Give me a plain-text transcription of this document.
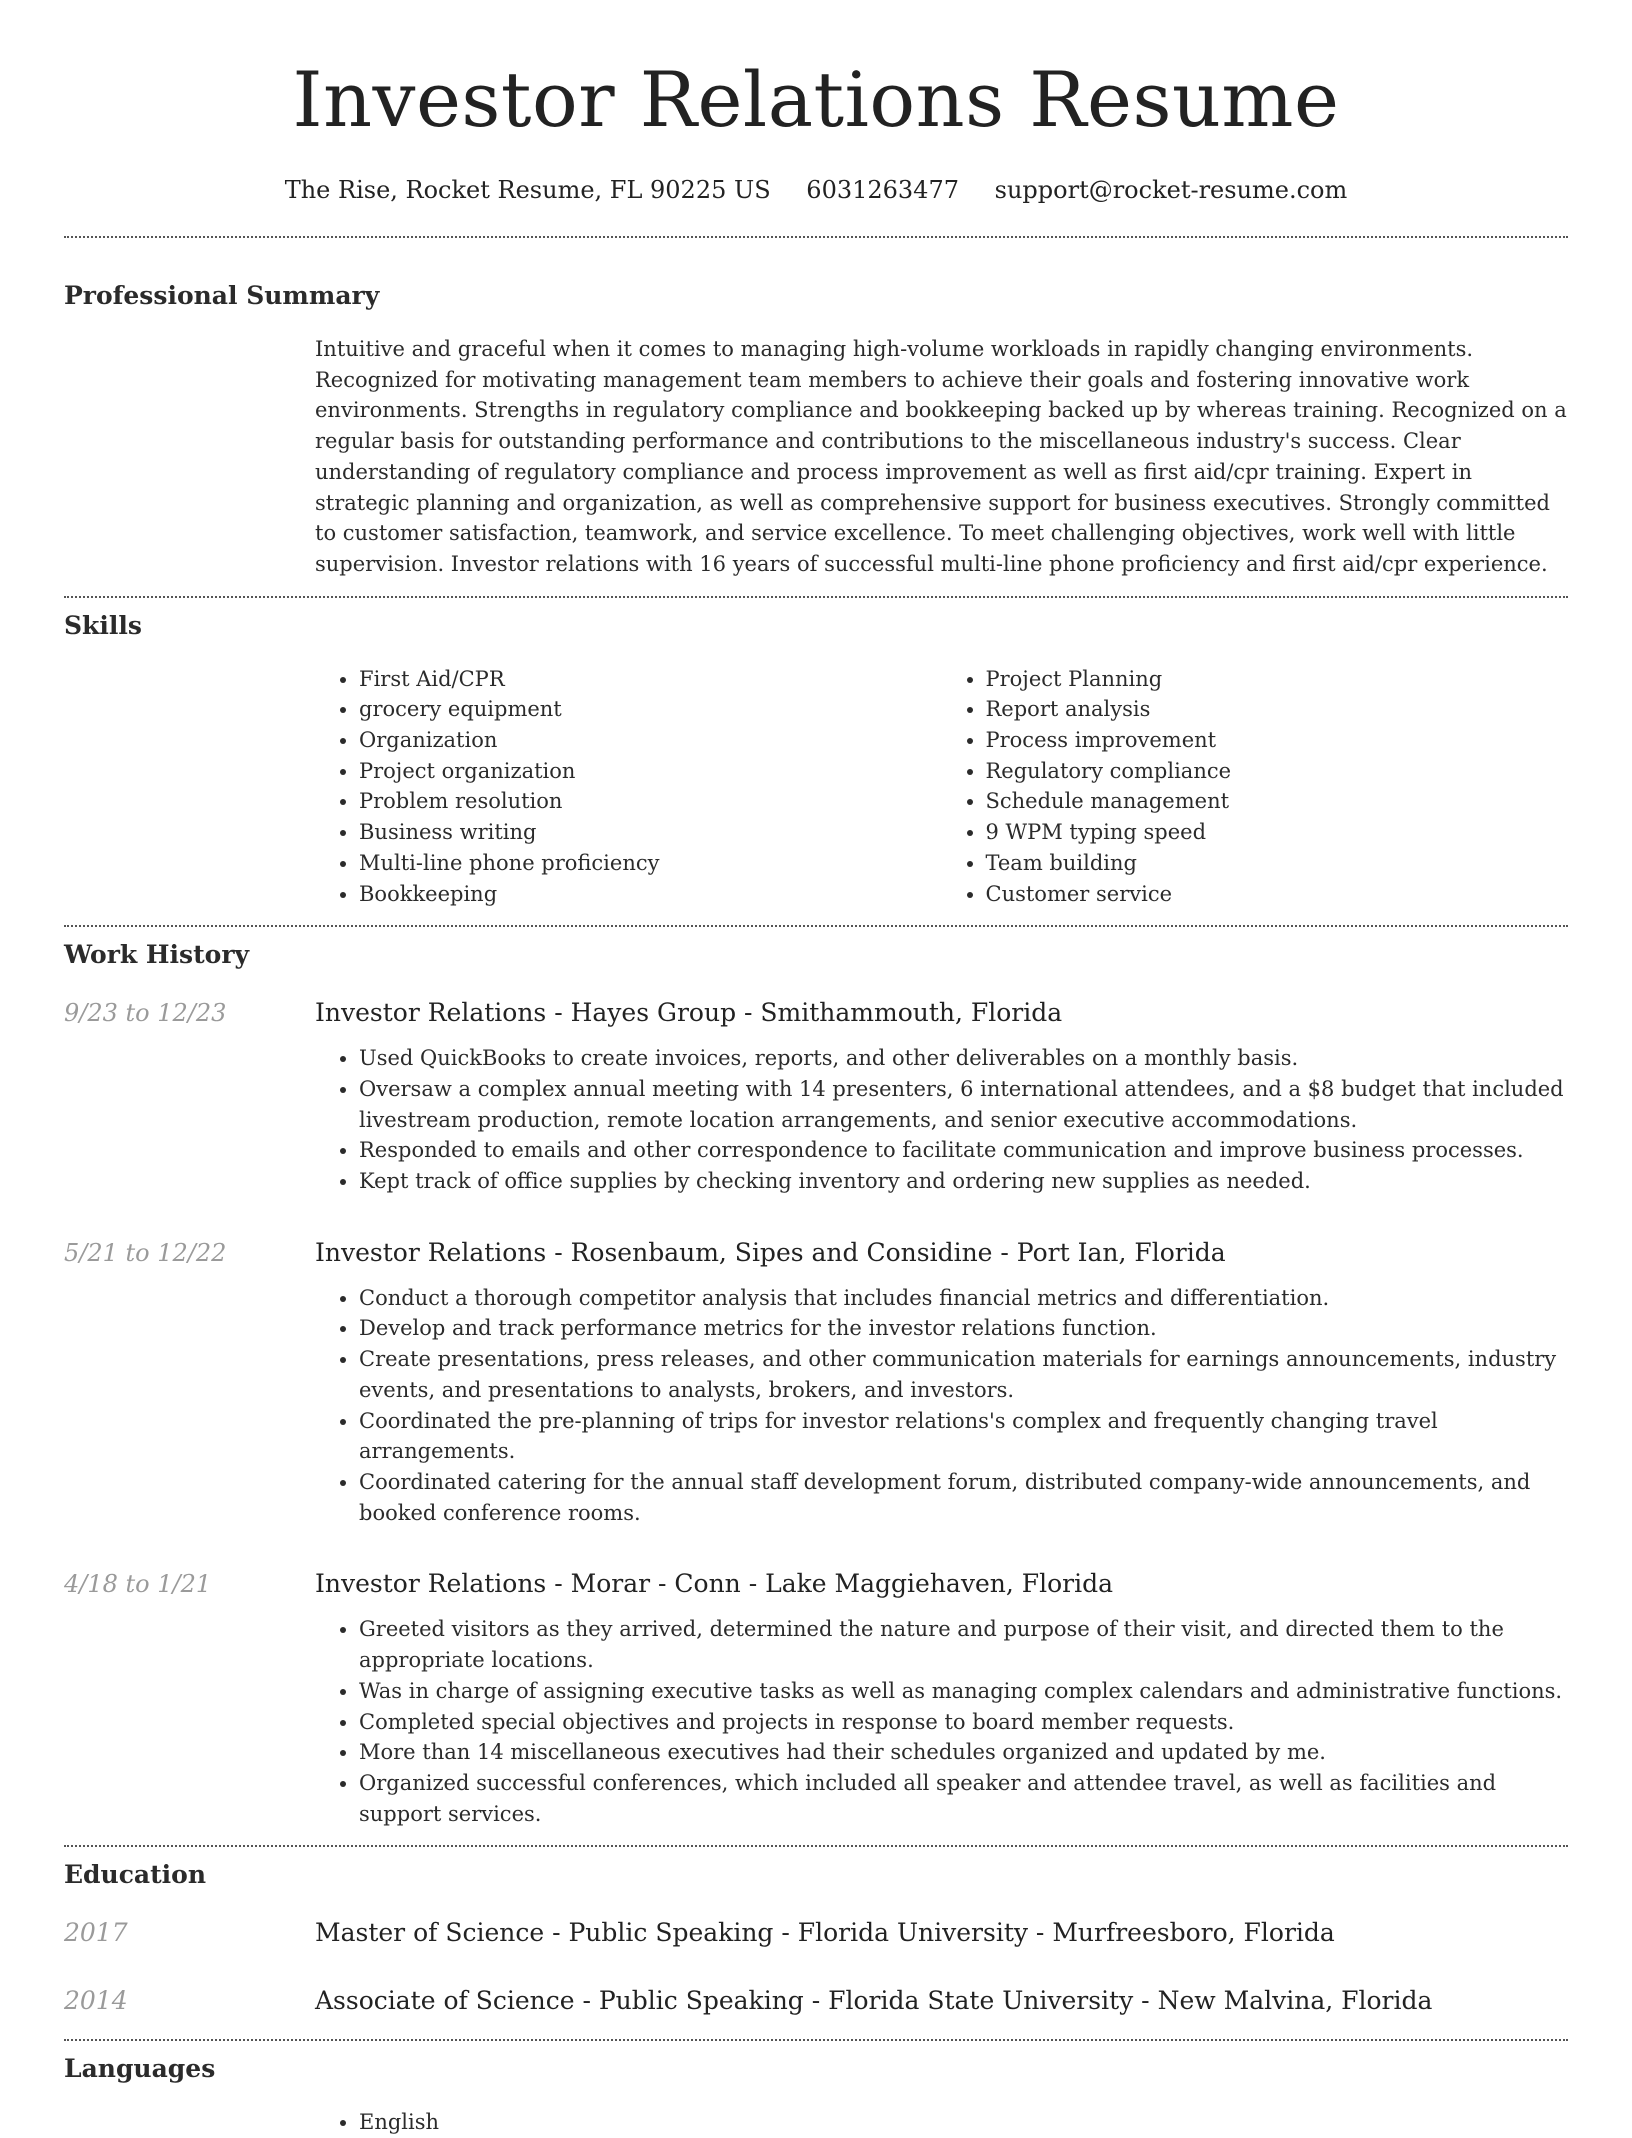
Investor Relations Resume
The Rise, Rocket Resume, FL 90225 US 6031263477 support@rocket-resume.com
Professional Summary

Intuitive and graceful when it comes to managing high-volume workloads in rapidly changing environments. Recognized for motivating management team members to achieve their goals and fostering innovative work environments. Strengths in regulatory compliance and bookkeeping backed up by whereas training. Recognized on a regular basis for outstanding performance and contributions to the miscellaneous industry's success. Clear understanding of regulatory compliance and process improvement as well as first aid/cpr training. Expert in strategic planning and organization, as well as comprehensive support for business executives. Strongly committed to customer satisfaction, teamwork, and service excellence. To meet challenging objectives, work well with little supervision. Investor relations with 16 years of successful multi-line phone proficiency and first aid/cpr experience.

Skills
• First Aid/CPR
• grocery equipment
• Organization
• Project organization
• Problem resolution
• Business writing
• Multi-line phone proficiency
• Bookkeeping
• Project Planning
• Report analysis
• Process improvement
• Regulatory compliance
• Schedule management
• 9 WPM typing speed
• Team building
• Customer service
Work History
9/23 to 12/23	Investor Relations - Hayes Group - Smithammouth, Florida
• Used QuickBooks to create invoices, reports, and other deliverables on a monthly basis.
• Oversaw a complex annual meeting with 14 presenters, 6 international attendees, and a $8 budget that included livestream production, remote location arrangements, and senior executive accommodations.
• Responded to emails and other correspondence to facilitate communication and improve business processes.
• Kept track of office supplies by checking inventory and ordering new supplies as needed.
5/21 to 12/22	Investor Relations - Rosenbaum, Sipes and Considine - Port Ian, Florida
• Conduct a thorough competitor analysis that includes financial metrics and differentiation.
• Develop and track performance metrics for the investor relations function.
• Create presentations, press releases, and other communication materials for earnings announcements, industry events, and presentations to analysts, brokers, and investors.
• Coordinated the pre-planning of trips for investor relations's complex and frequently changing travel arrangements.
• Coordinated catering for the annual staff development forum, distributed company-wide announcements, and booked conference rooms.
4/18 to 1/21	Investor Relations - Morar - Conn - Lake Maggiehaven, Florida
• Greeted visitors as they arrived, determined the nature and purpose of their visit, and directed them to the appropriate locations.
• Was in charge of assigning executive tasks as well as managing complex calendars and administrative functions.
• Completed special objectives and projects in response to board member requests.
• More than 14 miscellaneous executives had their schedules organized and updated by me.
• Organized successful conferences, which included all speaker and attendee travel, as well as facilities and support services.
Education
2017	Master of Science - Public Speaking - Florida University - Murfreesboro, Florida
2014	Associate of Science - Public Speaking - Florida State University - New Malvina, Florida
Languages
• English
